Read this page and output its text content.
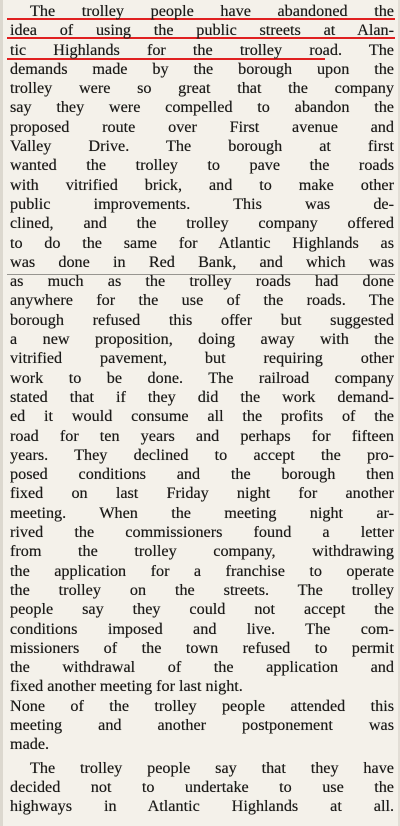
The trolley people have abandoned the
idea of using the public streets at Alan-
tic Highlands for the trolley road. The
demands made by the borough upon the
trolley were so great that the company
say they were compelled to abandon the
proposed route over First avenue and
Valley Drive. The borough at first
wanted the trolley to pave the roads
with vitrified brick, and to make other
public improvements. This was de-
clined, and the trolley company offered
to do the same for Atlantic Highlands as
was done in Red Bank, and which was
as much as the trolley roads had done
anywhere for the use of the roads. The
borough refused this offer but suggested
a new proposition, doing away with the
vitrified pavement, but requiring other
work to be done. The railroad company
stated that if they did the work demand-
ed it would consume all the profits of the
road for ten years and perhaps for fifteen
years. They declined to accept the pro-
posed conditions and the borough then
fixed on last Friday night for another
meeting. When the meeting night ar-
rived the commissioners found a letter
from the trolley company, withdrawing
the application for a franchise to operate
the trolley on the streets. The trolley
people say they could not accept the
conditions imposed and live. The com-
missioners of the town refused to permit
the withdrawal of the application and
fixed another meeting for last night.
None of the trolley people attended this
meeting and another postponement was
made.
The trolley people say that they have
decided not to undertake to use the
highways in Atlantic Highlands at all.
